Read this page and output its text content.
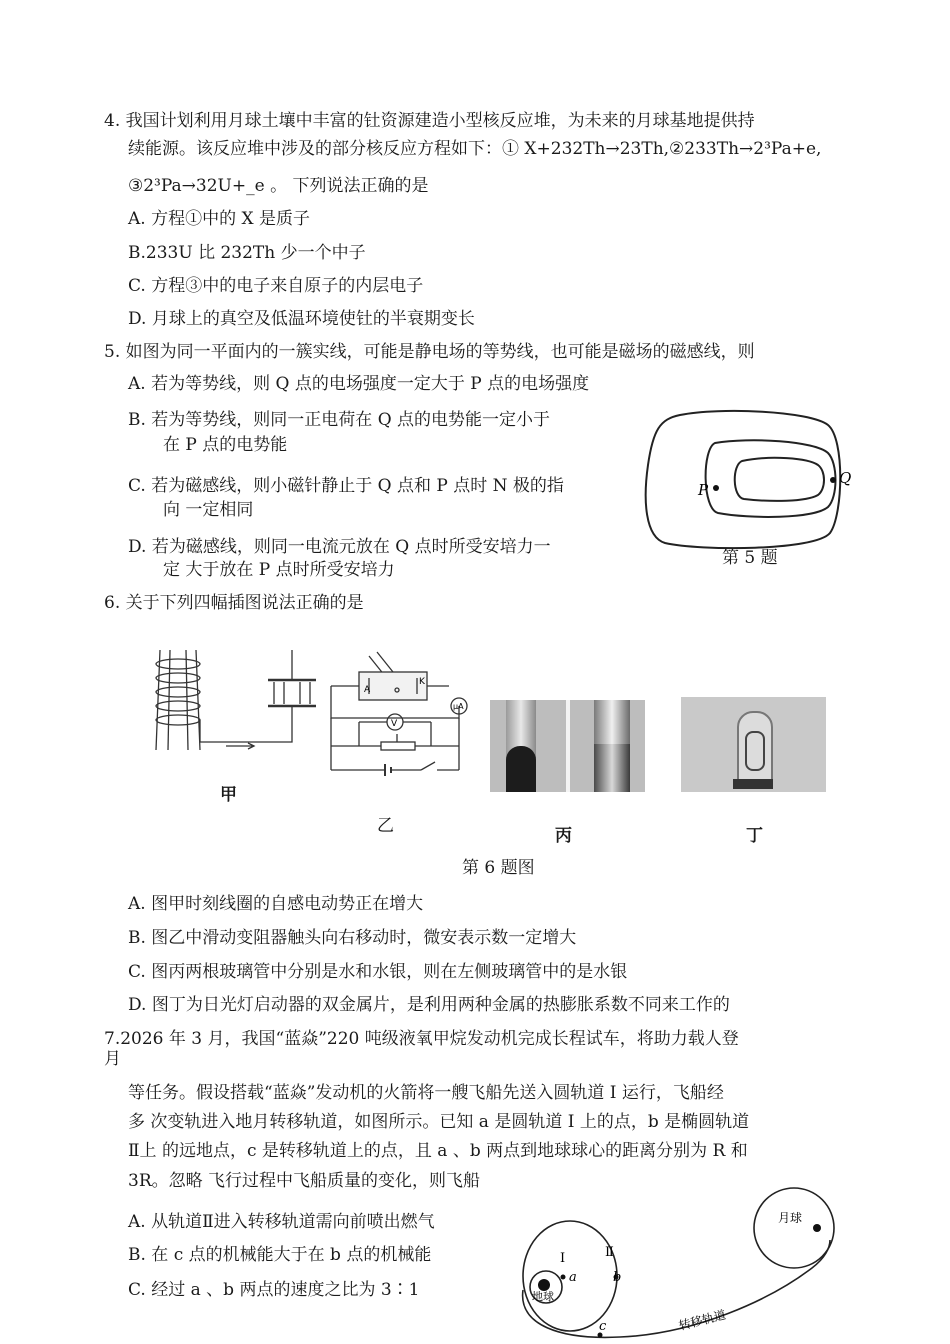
4. 我国计划利用月球土壤中丰富的钍资源建造小型核反应堆，为未来的月球基地提供持
续能源。该反应堆中涉及的部分核反应方程如下：① X+232Th→23Th,②233Th→2³Pa+e,
③2³Pa→32U+_e 。 下列说法正确的是
A. 方程①中的 X 是质子
B.233U 比 232Th 少一个中子
C. 方程③中的电子来自原子的内层电子
D. 月球上的真空及低温环境使钍的半衰期变长
5. 如图为同一平面内的一簇实线，可能是静电场的等势线，也可能是磁场的磁感线，则
A. 若为等势线，则 Q 点的电场强度一定大于 P 点的电场强度
B. 若为等势线，则同一正电荷在 Q 点的电势能一定小于
在 P 点的电势能
C. 若为磁感线，则小磁针静止于 Q 点和 P 点时 N 极的指
向 一定相同
D. 若为磁感线，则同一电流元放在 Q 点时所受安培力一
定 大于放在 P 点时所受安培力
P
Q
第 5 题
6. 关于下列四幅插图说法正确的是
甲
A
K
V
μA
乙	丙	丁
第 6 题图
A. 图甲时刻线圈的自感电动势正在增大
B. 图乙中滑动变阻器触头向右移动时，微安表示数一定增大
C. 图丙两根玻璃管中分别是水和水银，则在左侧玻璃管中的是水银
D. 图丁为日光灯启动器的双金属片，是利用两种金属的热膨胀系数不同来工作的
7.2026 年 3 月，我国“蓝焱”220 吨级液氧甲烷发动机完成长程试车，将助力载人登
月
等任务。假设搭载“蓝焱”发动机的火箭将一艘飞船先送入圆轨道 I 运行，飞船经
多 次变轨进入地月转移轨道，如图所示。已知 a 是圆轨道 I 上的点，b 是椭圆轨道
Ⅱ上 的远地点，c 是转移轨道上的点，且 a 、b 两点到地球球心的距离分别为 R 和
3R。忽略 飞行过程中飞船质量的变化，则飞船
A. 从轨道Ⅱ进入转移轨道需向前喷出燃气
B. 在 c 点的机械能大于在 b 点的机械能
C. 经过 a 、b 两点的速度之比为 3∶1
月球
地球
Ⅰ	Ⅱ
a	b
c	转移轨道
